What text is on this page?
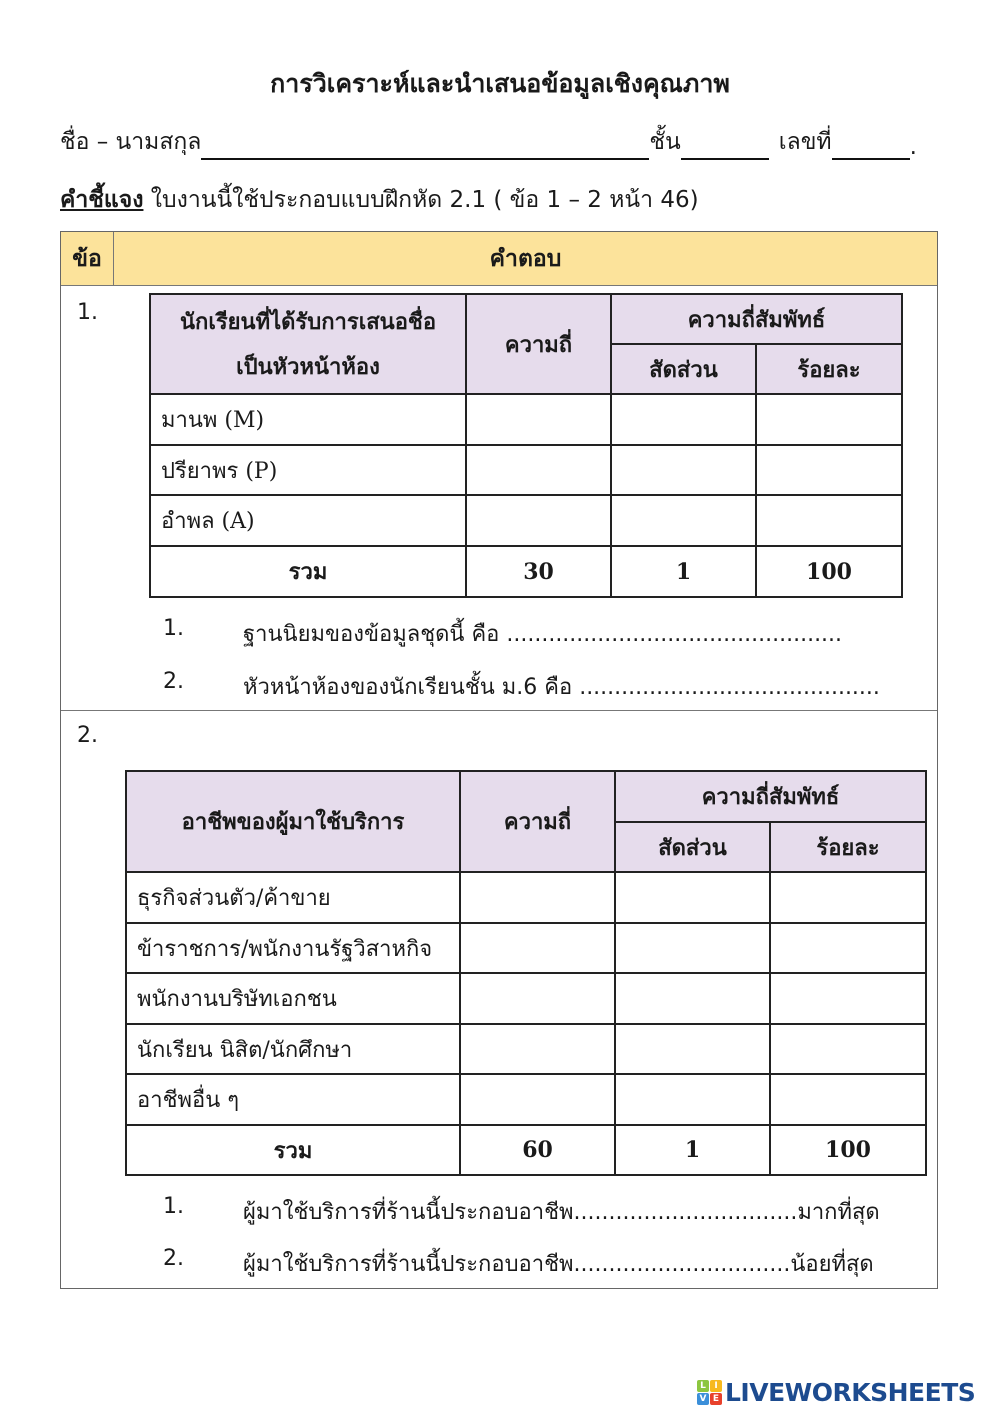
การวิเคราะห์และนำเสนอข้อมูลเชิงคุณภาพ
ชื่อ – นามสกุล	ชั้น	เลขที่	.
คำชี้แจง ใบงานนี้ใช้ประกอบแบบฝึกหัด 2.1 ( ข้อ 1 – 2 หน้า 46)
ข้อ	คำตอบ
1.	นักเรียนที่ได้รับการเสนอชื่อ
เป็นหัวหน้าห้อง	ความถี่	ความถี่สัมพัทธ์	
		สัดส่วน	ร้อยละ
มานพ (M)			
ปรียาพร (P)			
อำพล (A)			
รวม	30	1	100
1.	ฐานนิยมของข้อมูลชุดนี้ คือ ................................................
2.	หัวหน้าห้องของนักเรียนชั้น ม.6 คือ ...........................................
2.
อาชีพของผู้มาใช้บริการ	ความถี่	ความถี่สัมพัทธ์	
		สัดส่วน	ร้อยละ
ธุรกิจส่วนตัว/ค้าขาย			
ข้าราชการ/พนักงานรัฐวิสาหกิจ			
พนักงานบริษัทเอกชน			
นักเรียน นิสิต/นักศึกษา			
อาชีพอื่น ๆ			
รวม	60	1	100
1.	ผู้มาใช้บริการที่ร้านนี้ประกอบอาชีพ................................มากที่สุด
2.	ผู้มาใช้บริการที่ร้านนี้ประกอบอาชีพ...............................น้อยที่สุด
L I
V E LIVEWORKSHEETS
